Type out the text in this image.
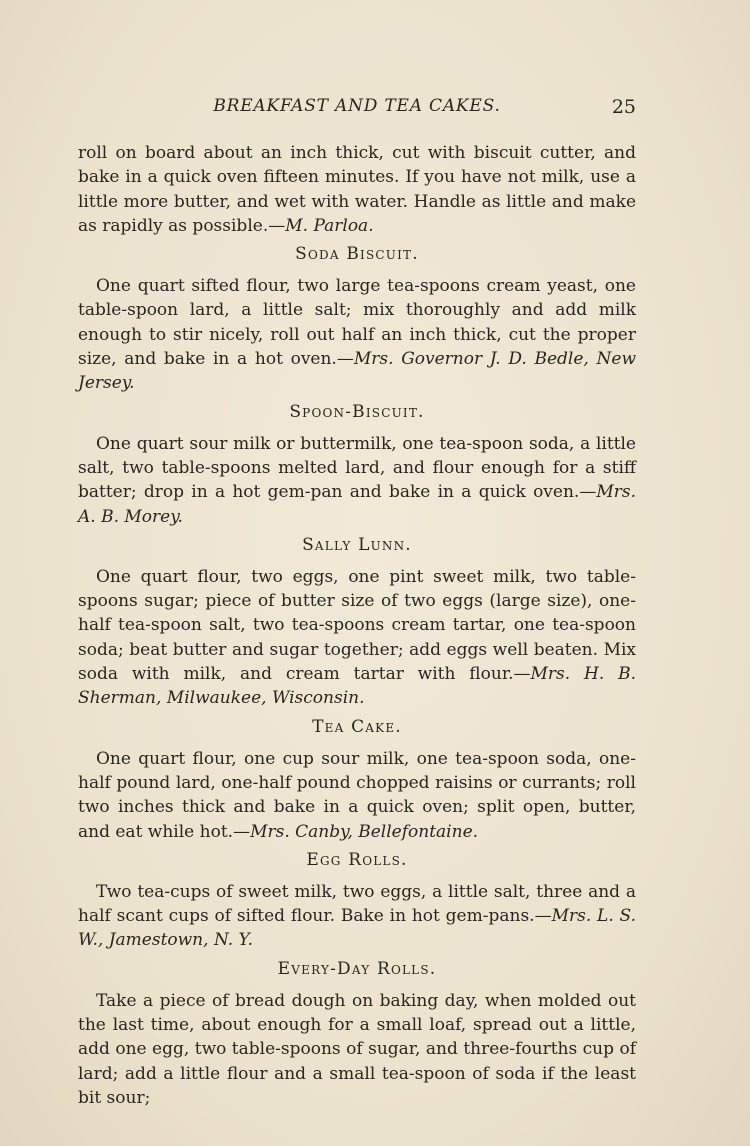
BREAKFAST AND TEA CAKES.	25

roll on board about an inch thick, cut with biscuit cutter, and bake in a quick oven fifteen minutes. If you have not milk, use a little more butter, and wet with water. Handle as little and make as rapidly as possible.—M. Parloa.

Soda Biscuit.

One quart sifted flour, two large tea-spoons cream yeast, one table-spoon lard, a little salt; mix thoroughly and add milk enough to stir nicely, roll out half an inch thick, cut the proper size, and bake in a hot oven.—Mrs. Governor J. D. Bedle, New Jersey.

Spoon-Biscuit.

One quart sour milk or buttermilk, one tea-spoon soda, a little salt, two table-spoons melted lard, and flour enough for a stiff batter; drop in a hot gem-pan and bake in a quick oven.—Mrs. A. B. Morey.

Sally Lunn.

One quart flour, two eggs, one pint sweet milk, two table-spoons sugar; piece of butter size of two eggs (large size), one-half tea-spoon salt, two tea-spoons cream tartar, one tea-spoon soda; beat butter and sugar together; add eggs well beaten. Mix soda with milk, and cream tartar with flour.—Mrs. H. B. Sherman, Milwaukee, Wisconsin.

Tea Cake.

One quart flour, one cup sour milk, one tea-spoon soda, one-half pound lard, one-half pound chopped raisins or currants; roll two inches thick and bake in a quick oven; split open, butter, and eat while hot.—Mrs. Canby, Bellefontaine.

Egg Rolls.

Two tea-cups of sweet milk, two eggs, a little salt, three and a half scant cups of sifted flour. Bake in hot gem-pans.—Mrs. L. S. W., Jamestown, N. Y.

Every-Day Rolls.

Take a piece of bread dough on baking day, when molded out the last time, about enough for a small loaf, spread out a little, add one egg, two table-spoons of sugar, and three-fourths cup of lard; add a little flour and a small tea-spoon of soda if the least bit sour;
